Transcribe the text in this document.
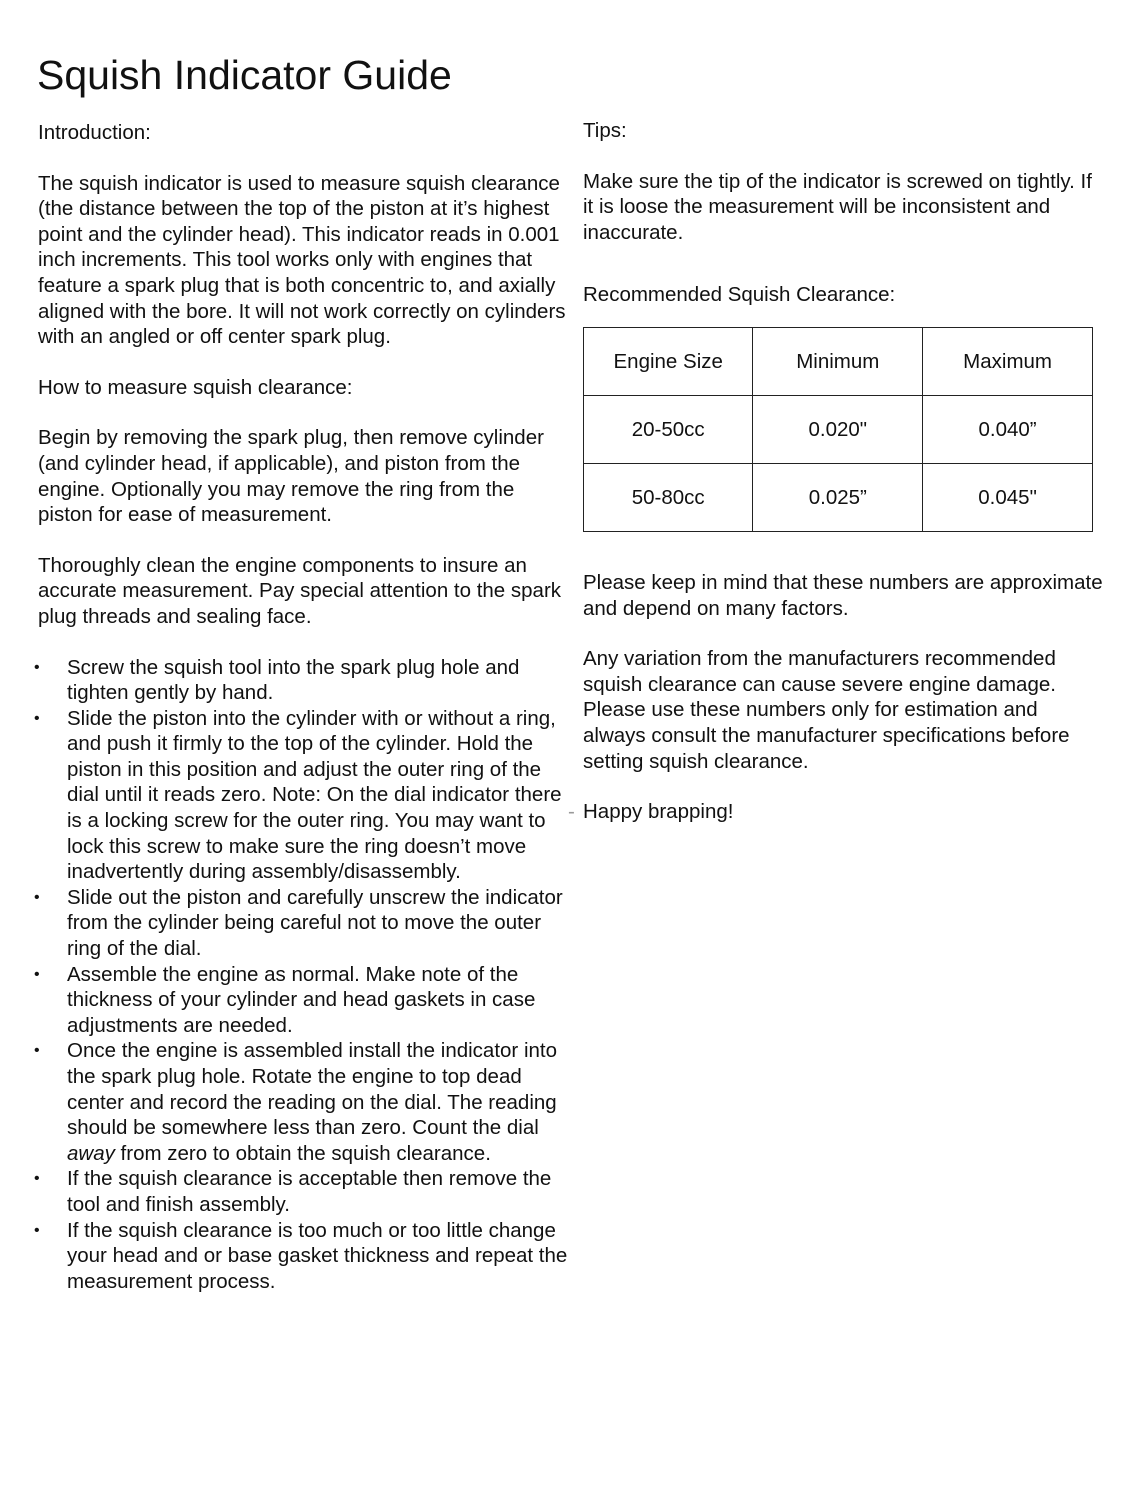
Squish Indicator Guide

Introduction:

The squish indicator is used to measure squish clearance (the distance between the top of the piston at it’s highest point and the cylinder head). This indicator reads in 0.001 inch increments. This tool works only with engines that feature a spark plug that is both concentric to, and axially aligned with the bore. It will not work correctly on cylinders with an angled or off center spark plug.

How to measure squish clearance:

Begin by removing the spark plug, then remove cylinder (and cylinder head, if applicable), and piston from the engine. Optionally you may remove the ring from the piston for ease of measurement.

Thoroughly clean the engine components to insure an accurate measurement. Pay special attention to the spark plug threads and sealing face.

• Screw the squish tool into the spark plug hole and tighten gently by hand.
• Slide the piston into the cylinder with or without a ring, and push it firmly to the top of the cylinder. Hold the piston in this position and adjust the outer ring of the dial until it reads zero. Note: On the dial indicator there is a locking screw for the outer ring. You may want to lock this screw to make sure the ring doesn’t move inadvertently during assembly/disassembly.
• Slide out the piston and carefully unscrew the indicator from the cylinder being careful not to move the outer ring of the dial.
• Assemble the engine as normal. Make note of the thickness of your cylinder and head gaskets in case adjustments are needed.
• Once the engine is assembled install the indicator into the spark plug hole. Rotate the engine to top dead center and record the reading on the dial. The reading should be somewhere less than zero. Count the dial away from zero to obtain the squish clearance.
• If the squish clearance is acceptable then remove the tool and finish assembly.
• If the squish clearance is too much or too little change your head and or base gasket thickness and repeat the measurement process.

Tips:

Make sure the tip of the indicator is screwed on tightly. If it is loose the measurement will be inconsistent and inaccurate.

Recommended Squish Clearance:

Engine Size	Minimum	Maximum
20-50cc	0.020"	0.040”
50-80cc	0.025”	0.045"

Please keep in mind that these numbers are approximate and depend on many factors.

Any variation from the manufacturers recommended squish clearance can cause severe engine damage. Please use these numbers only for estimation and always consult the manufacturer specifications before setting squish clearance.

- Happy brapping!
